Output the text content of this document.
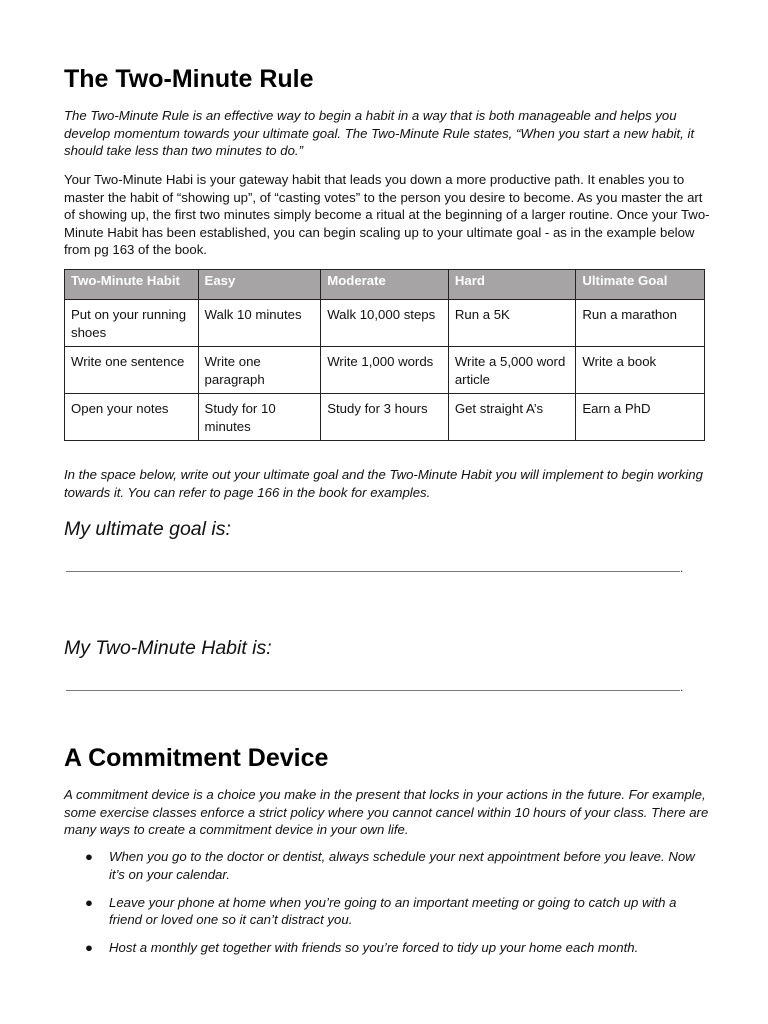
The Two-Minute Rule

The Two-Minute Rule is an effective way to begin a habit in a way that is both manageable and helps you develop momentum towards your ultimate goal. The Two-Minute Rule states, “When you start a new habit, it should take less than two minutes to do.”

Your Two-Minute Habi is your gateway habit that leads you down a more productive path. It enables you to master the habit of “showing up”, of “casting votes” to the person you desire to become. As you master the art of showing up, the first two minutes simply become a ritual at the beginning of a larger routine. Once your Two-Minute Habit has been established, you can begin scaling up to your ultimate goal - as in the example below from pg 163 of the book.

Two-Minute Habit	Easy	Moderate	Hard	Ultimate Goal
Put on your running shoes	Walk 10 minutes	Walk 10,000 steps	Run a 5K	Run a marathon
Write one sentence	Write one paragraph	Write 1,000 words	Write a 5,000 word article	Write a book
Open your notes	Study for 10 minutes	Study for 3 hours	Get straight A’s	Earn a PhD

In the space below, write out your ultimate goal and the Two-Minute Habit you will implement to begin working towards it. You can refer to page 166 in the book for examples.

My ultimate goal is:

.

My Two-Minute Habit is:

.
A Commitment Device

A commitment device is a choice you make in the present that locks in your actions in the future. For example, some exercise classes enforce a strict policy where you cannot cancel within 10 hours of your class. There are many ways to create a commitment device in your own life.

● When you go to the doctor or dentist, always schedule your next appointment before you leave. Now it’s on your calendar.
● Leave your phone at home when you’re going to an important meeting or going to catch up with a friend or loved one so it can’t distract you.
● Host a monthly get together with friends so you’re forced to tidy up your home each month.
